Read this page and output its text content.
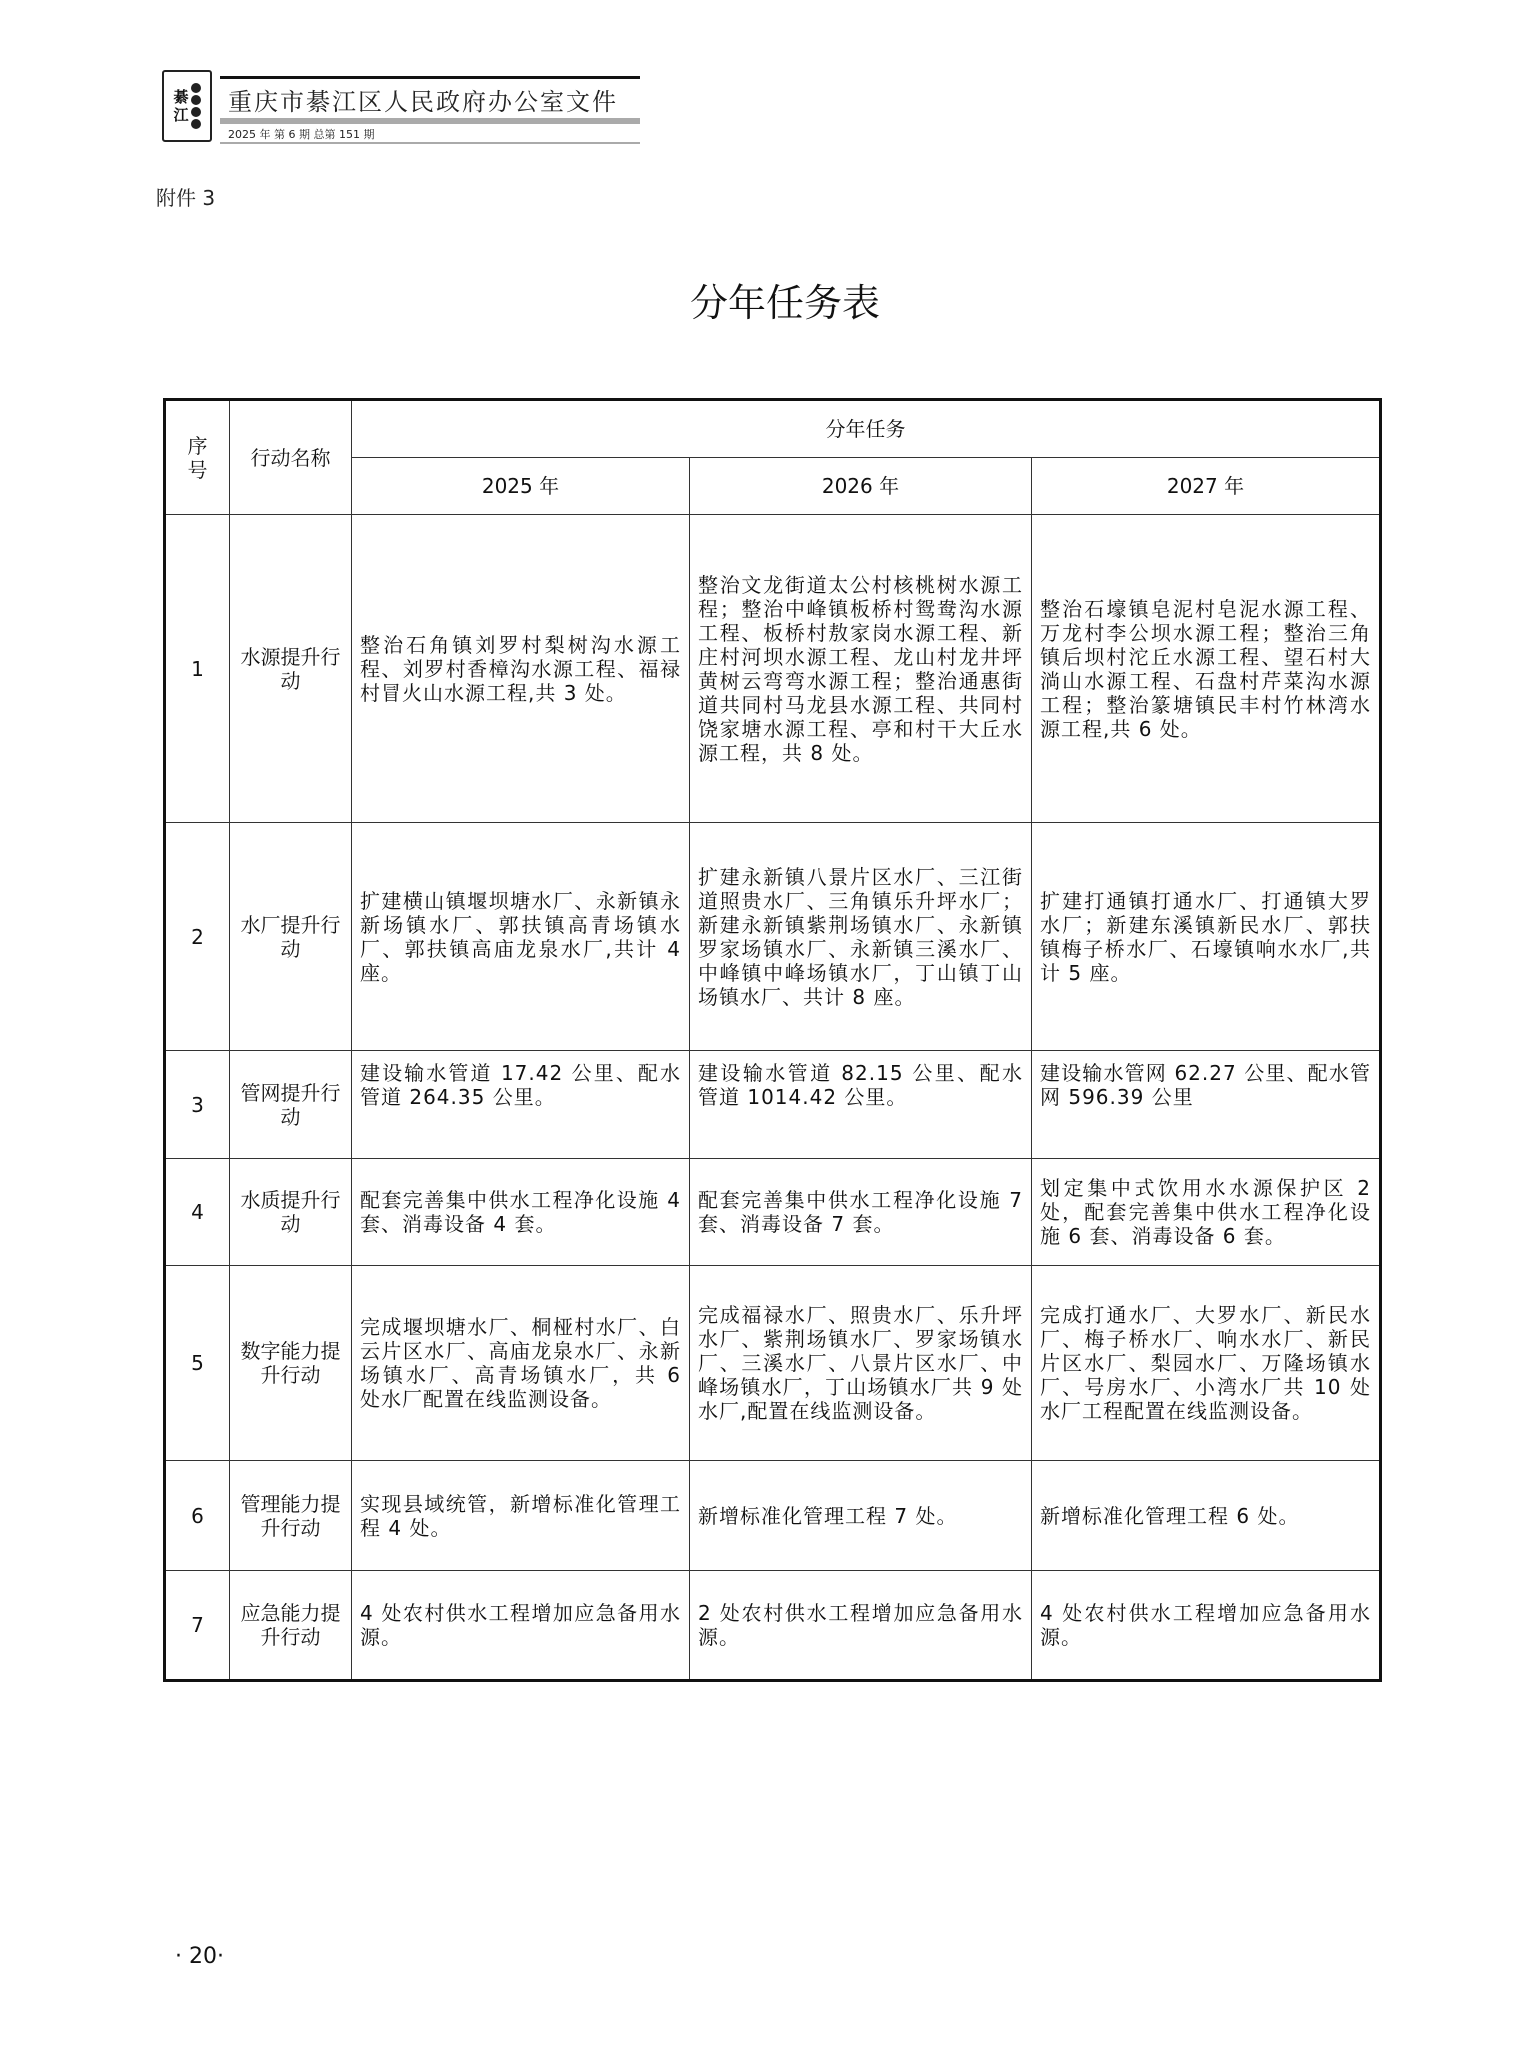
綦
江 重庆市綦江区人民政府办公室文件
2025 年 第 6 期 总第 151 期
附件 3
分年任务表
序号	行动名称	分年任务		
		2025 年	2026 年	2027 年
1	水源提升行动	整治石角镇刘罗村梨树沟水源工程、刘罗村香樟沟水源工程、福禄村冒火山水源工程,共 3 处。	整治文龙街道太公村核桃树水源工程；整治中峰镇板桥村鸳鸯沟水源工程、板桥村敖家岗水源工程、新庄村河坝水源工程、龙山村龙井坪黄树云弯弯水源工程；整治通惠街道共同村马龙县水源工程、共同村饶家塘水源工程、亭和村干大丘水源工程，共 8 处。	整治石壕镇皂泥村皂泥水源工程、万龙村李公坝水源工程；整治三角镇后坝村沱丘水源工程、望石村大淌山水源工程、石盘村芹菜沟水源工程；整治篆塘镇民丰村竹林湾水源工程,共 6 处。
2	水厂提升行动	扩建横山镇堰坝塘水厂、永新镇永新场镇水厂、郭扶镇高青场镇水厂、郭扶镇高庙龙泉水厂,共计 4 座。	扩建永新镇八景片区水厂、三江街道照贵水厂、三角镇乐升坪水厂；新建永新镇紫荆场镇水厂、永新镇罗家场镇水厂、永新镇三溪水厂、中峰镇中峰场镇水厂，丁山镇丁山场镇水厂、共计 8 座。	扩建打通镇打通水厂、打通镇大罗水厂；新建东溪镇新民水厂、郭扶镇梅子桥水厂、石壕镇响水水厂,共计 5 座。
3	管网提升行动	建设输水管道 17.42 公里、配水管道 264.35 公里。	建设输水管道 82.15 公里、配水管道 1014.42 公里。	建设输水管网 62.27 公里、配水管网 596.39 公里
4	水质提升行动	配套完善集中供水工程净化设施 4 套、消毒设备 4 套。	配套完善集中供水工程净化设施 7 套、消毒设备 7 套。	划定集中式饮用水水源保护区 2 处，配套完善集中供水工程净化设施 6 套、消毒设备 6 套。
5	数字能力提升行动	完成堰坝塘水厂、桐桠村水厂、白云片区水厂、高庙龙泉水厂、永新场镇水厂、高青场镇水厂，共 6 处水厂配置在线监测设备。	完成福禄水厂、照贵水厂、乐升坪水厂、紫荆场镇水厂、罗家场镇水厂、三溪水厂、八景片区水厂、中峰场镇水厂，丁山场镇水厂共 9 处水厂,配置在线监测设备。	完成打通水厂、大罗水厂、新民水厂、梅子桥水厂、响水水厂、新民片区水厂、梨园水厂、万隆场镇水厂、号房水厂、小湾水厂共 10 处水厂工程配置在线监测设备。
6	管理能力提升行动	实现县域统管，新增标准化管理工程 4 处。	新增标准化管理工程 7 处。	新增标准化管理工程 6 处。
7	应急能力提升行动	4 处农村供水工程增加应急备用水源。	2 处农村供水工程增加应急备用水源。	4 处农村供水工程增加应急备用水源。
· 20·
